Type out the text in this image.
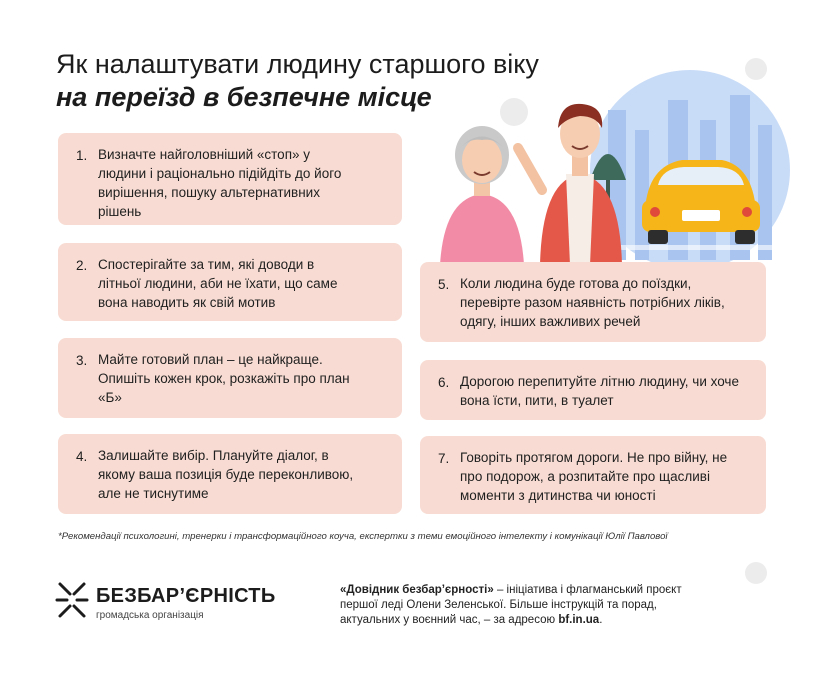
Як налаштувати людину старшого віку
на переїзд в безпечне місце
1. Визначте найголовніший «стоп» у людини і раціонально підійдіть до його вирішення, пошуку альтернативних рішень
2. Спостерігайте за тим, які доводи в літньої людини, аби не їхати, що саме вона наводить як свій мотив
3. Майте готовий план – це найкраще. Опишіть кожен крок, розкажіть про план «Б»
4. Залишайте вибір. Плануйте діалог, в якому ваша позиція буде переконливою, але не тиснутиме
5. Коли людина буде готова до поїздки, перевірте разом наявність потрібних ліків, одягу, інших важливих речей
6. Дорогою перепитуйте літню людину, чи хоче вона їсти, пити, в туалет
7. Говоріть протягом дороги. Не про війну, не про подорож, а розпитайте про щасливі моменти з дитинства чи юності
*Рекомендації психологині, тренерки і трансформаційного коуча, експертки з теми емоційного інтелекту і комунікації Юлії Павлової
БЕЗБАР’ЄРНІСТЬ
громадська організація
«Довідник безбар’єрності» – ініціатива і флагманський проєкт першої леді Олени Зеленської. Більше інструкцій та порад, актуальних у воєнний час, – за адресою bf.in.ua.
